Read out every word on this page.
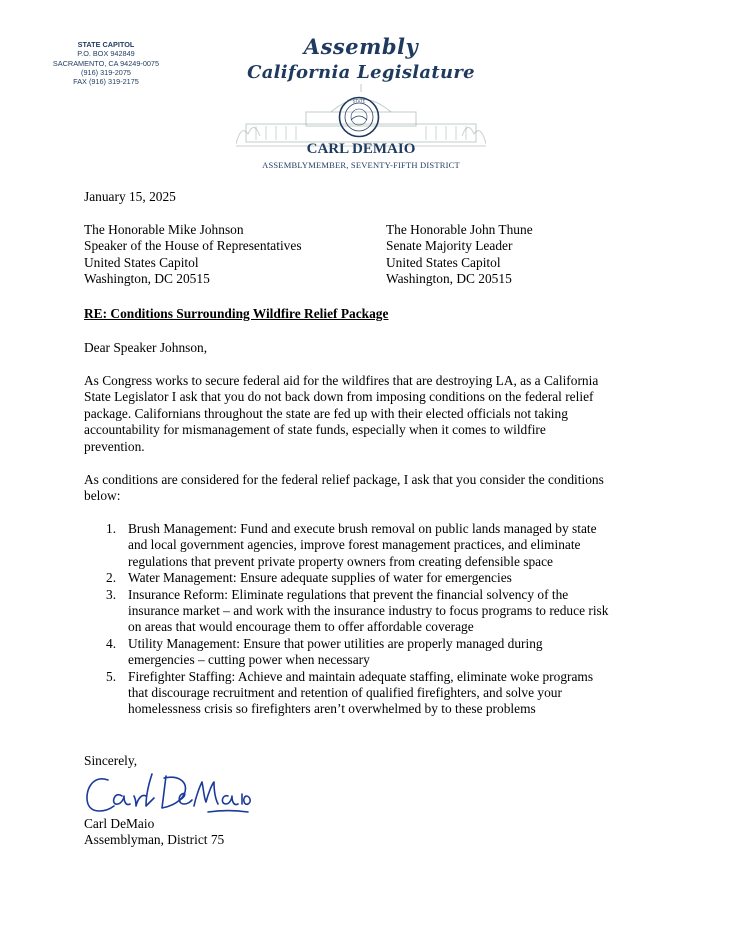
STATE CAPITOL
P.O. BOX 942849
SACRAMENTO, CA 94249-0075
(916) 319-2075
FAX (916) 319-2175
STATE
Assembly
California Legislature
CARL DEMAIO
ASSEMBLYMEMBER, SEVENTY-FIFTH DISTRICT
January 15, 2025
The Honorable Mike Johnson
Speaker of the House of Representatives
United States Capitol
Washington, DC 20515
The Honorable John Thune
Senate Majority Leader
United States Capitol
Washington, DC 20515
RE: Conditions Surrounding Wildfire Relief Package
Dear Speaker Johnson,
As Congress works to secure federal aid for the wildfires that are destroying LA, as a California
State Legislator I ask that you do not back down from imposing conditions on the federal relief
package. Californians throughout the state are fed up with their elected officials not taking
accountability for mismanagement of state funds, especially when it comes to wildfire
prevention.
As conditions are considered for the federal relief package, I ask that you consider the conditions
below:
1. Brush Management: Fund and execute brush removal on public lands managed by state
and local government agencies, improve forest management practices, and eliminate
regulations that prevent private property owners from creating defensible space
2. Water Management: Ensure adequate supplies of water for emergencies
3. Insurance Reform: Eliminate regulations that prevent the financial solvency of the
insurance market – and work with the insurance industry to focus programs to reduce risk
on areas that would encourage them to offer affordable coverage
4. Utility Management: Ensure that power utilities are properly managed during
emergencies – cutting power when necessary
5. Firefighter Staffing: Achieve and maintain adequate staffing, eliminate woke programs
that discourage recruitment and retention of qualified firefighters, and solve your
homelessness crisis so firefighters aren’t overwhelmed by to these problems
Sincerely,
Carl DeMaio
Assemblyman, District 75
